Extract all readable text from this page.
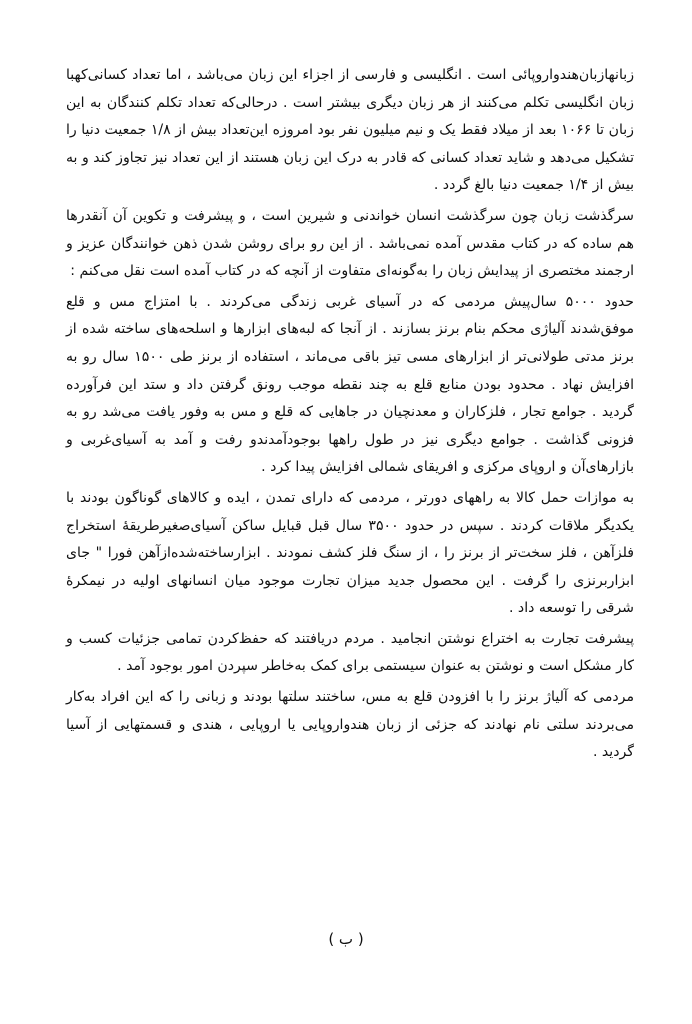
زبانهازبان‌هندواروپائی است . انگلیسی و فارسی از اجزاء این زبان می‌باشد ، اما تعداد کسانی‌کهبا زبان انگلیسی تکلم می‌کنند از هر زبان دیگری بیشتر است . درحالی‌که تعداد تکلم کنندگان به این زبان تا ۱۰۶۶ بعد از میلاد فقط یک و نیم میلیون نفر بود امروزه این‌تعداد بیش از ۱/۸ جمعیت دنیا را تشکیل می‌دهد و شاید تعداد کسانی که قادر به درک این زبان هستند از این تعداد نیز تجاوز کند و به بیش از ۱/۴ جمعیت دنیا بالغ گردد .

سرگذشت زبان چون سرگذشت انسان خواندنی و شیرین است ، و پیشرفت و تکوین آن آنقدرها هم ساده که در کتاب مقدس آمده نمی‌باشد . از این رو برای روشن شدن ذهن خوانندگان عزیز و ارجمند مختصری از پیدایش زبان را به‌گونه‌ای متفاوت از آنچه که در کتاب آمده است نقل می‌کنم :

حدود ۵۰۰۰ سال‌پیش مردمی که در آسیای غربی زندگی می‌کردند . با امتزاج مس و قلع موفق‌شدند آلیاژی محکم بنام برنز بسازند . از آنجا که لبه‌های ابزارها و اسلحه‌های ساخته شده از برنز مدتی طولانی‌تر از ابزارهای مسی تیز باقی می‌ماند ، استفاده از برنز طی ۱۵۰۰ سال رو به افزایش نهاد . محدود بودن منابع قلع به چند نقطه موجب رونق گرفتن داد و ستد این فرآورده گردید . جوامع تجار ، فلزکاران و معدنچیان در جاهایی که قلع و مس به وفور یافت می‌شد رو به فزونی گذاشت . جوامع دیگری نیز در طول راهها بوجودآمدندو رفت و آمد به آسیای‌غربی و بازارهای‌آن و اروپای مرکزی و افریقای شمالی افزایش پیدا کرد .

به موازات حمل کالا به راههای دورتر ، مردمی که دارای تمدن ، ایده و کالاهای گوناگون بودند با یکدیگر ملاقات کردند . سپس در حدود ۳۵۰۰ سال قبل قبایل ساکن آسیای‌صغیرطریقهٔ استخراج فلزآهن ، فلز سخت‌تر از برنز را ، از سنگ فلز کشف نمودند . ابزارساخته‌شده‌ازآهن فورا " جای ابزاربرنزی را گرفت . این محصول جدید میزان تجارت موجود میان انسانهای اولیه در نیمکرهٔ شرقی را توسعه داد .

پیشرفت تجارت به اختراع نوشتن انجامید . مردم دریافتند که حفظ‌کردن تمامی جزئیات کسب و کار مشکل است و نوشتن به عنوان سیستمی برای کمک به‌خاطر سپردن امور بوجود آمد .

مردمی که آلیاژ برنز را با افزودن قلع به مس، ساختند سلتها بودند و زبانی را که این افراد به‌کار می‌بردند سلتی نام نهادند که جزئی از زبان هندواروپایی یا اروپایی ، هندی و قسمتهایی از آسیا گردید .

( ب )
